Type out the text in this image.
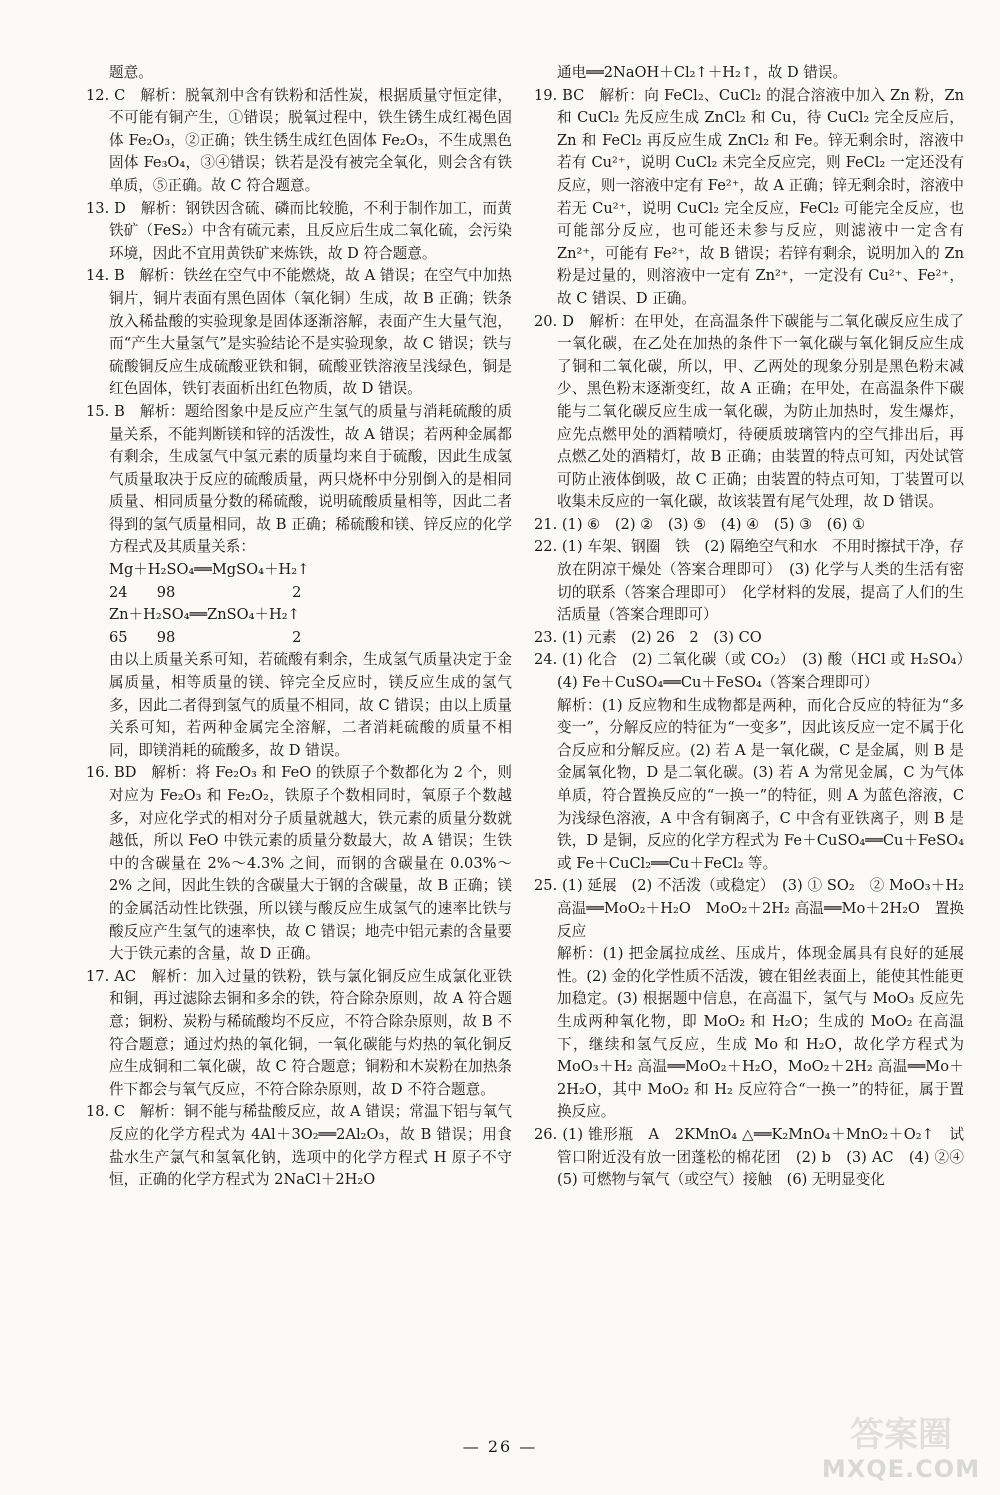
题意。
12. C　解析：脱氧剂中含有铁粉和活性炭，根据质量守恒定律，不可能有铜产生，①错误；脱氧过程中，铁生锈生成红褐色固体 Fe₂O₃，②正确；铁生锈生成红色固体 Fe₂O₃，不生成黑色固体 Fe₃O₄，③④错误；铁若是没有被完全氧化，则会含有铁单质，⑤正确。故 C 符合题意。
13. D　解析：钢铁因含硫、磷而比较脆，不利于制作加工，而黄铁矿（FeS₂）中含有硫元素，且反应后生成二氧化硫，会污染环境，因此不宜用黄铁矿来炼铁，故 D 符合题意。
14. B　解析：铁丝在空气中不能燃烧，故 A 错误；在空气中加热铜片，铜片表面有黑色固体（氧化铜）生成，故 B 正确；铁条放入稀盐酸的实验现象是固体逐渐溶解，表面产生大量气泡，而“产生大量氢气”是实验结论不是实验现象，故 C 错误；铁与硫酸铜反应生成硫酸亚铁和铜，硫酸亚铁溶液呈浅绿色，铜是红色固体，铁钉表面析出红色物质，故 D 错误。
15. B　解析：题给图象中是反应产生氢气的质量与消耗硫酸的质量关系，不能判断镁和锌的活泼性，故 A 错误；若两种金属都有剩余，生成氢气中氢元素的质量均来自于硫酸，因此生成氢气质量取决于反应的硫酸质量，两只烧杯中分别倒入的是相同质量、相同质量分数的稀硫酸，说明硫酸质量相等，因此二者得到的氢气质量相同，故 B 正确；稀硫酸和镁、锌反应的化学方程式及其质量关系：
Mg＋H₂SO₄══MgSO₄＋H₂↑
24　　98　　　　　　　　2
Zn＋H₂SO₄══ZnSO₄＋H₂↑
65　　98　　　　　　　　2
由以上质量关系可知，若硫酸有剩余，生成氢气质量决定于金属质量，相等质量的镁、锌完全反应时，镁反应生成的氢气多，因此二者得到氢气的质量不相同，故 C 错误；由以上质量关系可知，若两种金属完全溶解，二者消耗硫酸的质量不相同，即镁消耗的硫酸多，故 D 错误。
16. BD　解析：将 Fe₂O₃ 和 FeO 的铁原子个数都化为 2 个，则对应为 Fe₂O₃ 和 Fe₂O₂，铁原子个数相同时，氧原子个数越多，对应化学式的相对分子质量就越大，铁元素的质量分数就越低，所以 FeO 中铁元素的质量分数最大，故 A 错误；生铁中的含碳量在 2%～4.3% 之间，而钢的含碳量在 0.03%～2% 之间，因此生铁的含碳量大于钢的含碳量，故 B 正确；镁的金属活动性比铁强，所以镁与酸反应生成氢气的速率比铁与酸反应产生氢气的速率快，故 C 错误；地壳中铝元素的含量要大于铁元素的含量，故 D 正确。
17. AC　解析：加入过量的铁粉，铁与氯化铜反应生成氯化亚铁和铜，再过滤除去铜和多余的铁，符合除杂原则，故 A 符合题意；铜粉、炭粉与稀硫酸均不反应，不符合除杂原则，故 B 不符合题意；通过灼热的氧化铜，一氧化碳能与灼热的氧化铜反应生成铜和二氧化碳，故 C 符合题意；铜粉和木炭粉在加热条件下都会与氧气反应，不符合除杂原则，故 D 不符合题意。
18. C　解析：铜不能与稀盐酸反应，故 A 错误；常温下铝与氧气反应的化学方程式为 4Al＋3O₂══2Al₂O₃，故 B 错误；用食盐水生产氯气和氢氧化钠，选项中的化学方程式 H 原子不守恒，正确的化学方程式为 2NaCl＋2H₂O
通电══2NaOH＋Cl₂↑＋H₂↑，故 D 错误。
19. BC　解析：向 FeCl₂、CuCl₂ 的混合溶液中加入 Zn 粉，Zn 和 CuCl₂ 先反应生成 ZnCl₂ 和 Cu，待 CuCl₂ 完全反应后，Zn 和 FeCl₂ 再反应生成 ZnCl₂ 和 Fe。锌无剩余时，溶液中若有 Cu²⁺，说明 CuCl₂ 未完全反应完，则 FeCl₂ 一定还没有反应，则一溶液中定有 Fe²⁺，故 A 正确；锌无剩余时，溶液中若无 Cu²⁺，说明 CuCl₂ 完全反应，FeCl₂ 可能完全反应，也可能部分反应，也可能还未参与反应，则滤液中一定含有 Zn²⁺，可能有 Fe²⁺，故 B 错误；若锌有剩余，说明加入的 Zn 粉是过量的，则溶液中一定有 Zn²⁺，一定没有 Cu²⁺、Fe²⁺，故 C 错误、D 正确。
20. D　解析：在甲处，在高温条件下碳能与二氧化碳反应生成了一氧化碳，在乙处在加热的条件下一氧化碳与氧化铜反应生成了铜和二氧化碳，所以，甲、乙两处的现象分别是黑色粉末减少、黑色粉末逐渐变红，故 A 正确；在甲处，在高温条件下碳能与二氧化碳反应生成一氧化碳，为防止加热时，发生爆炸，应先点燃甲处的酒精喷灯，待硬质玻璃管内的空气排出后，再点燃乙处的酒精灯，故 B 正确；由装置的特点可知，丙处试管可防止液体倒吸，故 C 正确；由装置的特点可知，丁装置可以收集未反应的一氧化碳，故该装置有尾气处理，故 D 错误。
21. (1) ⑥　(2) ②　(3) ⑤　(4) ④　(5) ③　(6) ①
22. (1) 车架、钢圈　铁　(2) 隔绝空气和水　不用时擦拭干净，存放在阴凉干燥处（答案合理即可）　(3) 化学与人类的生活有密切的联系（答案合理即可）　化学材料的发展，提高了人们的生活质量（答案合理即可）
23. (1) 元素　(2) 26　2　(3) CO
24. (1) 化合　(2) 二氧化碳（或 CO₂）　(3) 酸（HCl 或 H₂SO₄）　(4) Fe＋CuSO₄══Cu＋FeSO₄（答案合理即可）
解析：(1) 反应物和生成物都是两种，而化合反应的特征为“多变一”，分解反应的特征为“一变多”，因此该反应一定不属于化合反应和分解反应。(2) 若 A 是一氧化碳，C 是金属，则 B 是金属氧化物，D 是二氧化碳。(3) 若 A 为常见金属，C 为气体单质，符合置换反应的“一换一”的特征，则 A 为蓝色溶液，C 为浅绿色溶液，A 中含有铜离子，C 中含有亚铁离子，则 B 是铁，D 是铜，反应的化学方程式为 Fe＋CuSO₄══Cu＋FeSO₄ 或 Fe＋CuCl₂══Cu＋FeCl₂ 等。
25. (1) 延展　(2) 不活泼（或稳定）　(3) ① SO₂　② MoO₃＋H₂ 高温══MoO₂＋H₂O　MoO₂＋2H₂ 高温══Mo＋2H₂O　置换反应
解析：(1) 把金属拉成丝、压成片，体现金属具有良好的延展性。(2) 金的化学性质不活泼，镀在钼丝表面上，能使其性能更加稳定。(3) 根据题中信息，在高温下，氢气与 MoO₃ 反应先生成两种氧化物，即 MoO₂ 和 H₂O；生成的 MoO₂ 在高温下，继续和氢气反应，生成 Mo 和 H₂O，故化学方程式为 MoO₃＋H₂ 高温══MoO₂＋H₂O，MoO₂＋2H₂ 高温══Mo＋2H₂O，其中 MoO₂ 和 H₂ 反应符合“一换一”的特征，属于置换反应。
26. (1) 锥形瓶　A　2KMnO₄ △══K₂MnO₄＋MnO₂＋O₂↑　试管口附近没有放一团蓬松的棉花团　(2) b　(3) AC　(4) ②④　(5) 可燃物与氧气（或空气）接触　(6) 无明显变化
— 26 —	答案圈
MXQE.COM
